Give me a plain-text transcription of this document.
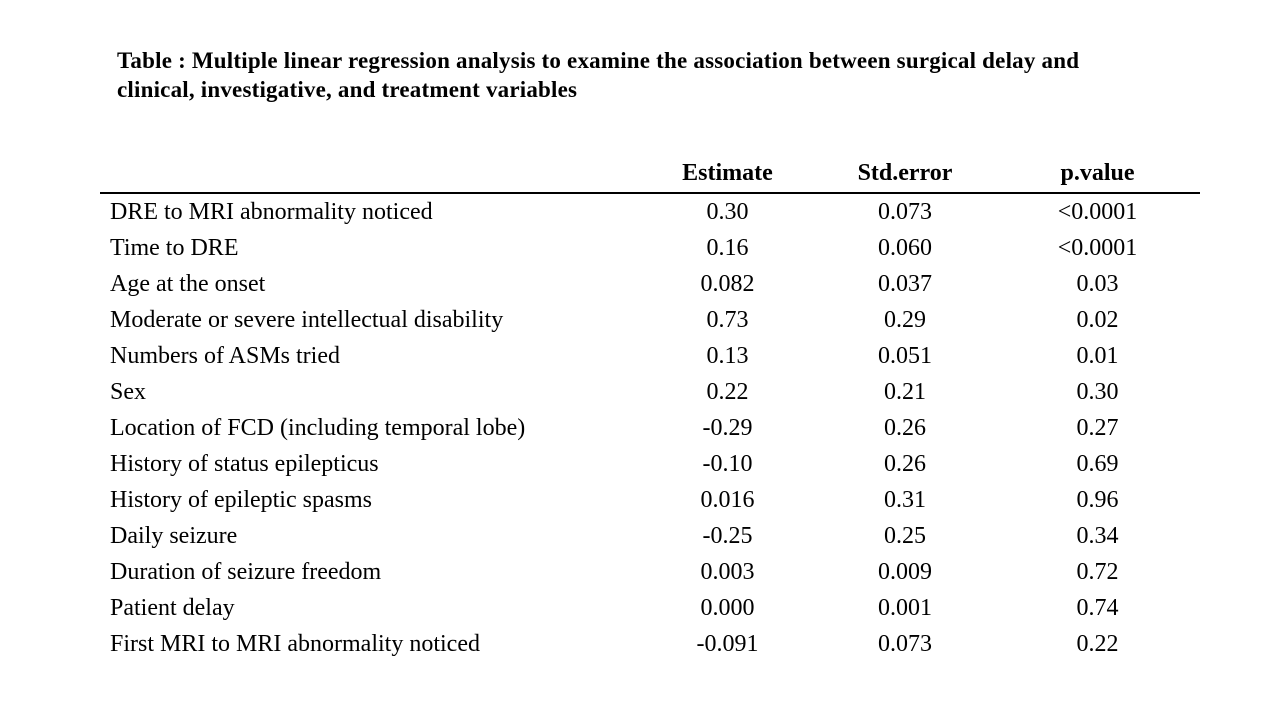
Table : Multiple linear regression analysis to examine the association between surgical delay and
clinical, investigative, and treatment variables
	Estimate	Std.error	p.value
DRE to MRI abnormality noticed	0.30	0.073	<0.0001
Time to DRE	0.16	0.060	<0.0001
Age at the onset	0.082	0.037	0.03
Moderate or severe intellectual disability	0.73	0.29	0.02
Numbers of ASMs tried	0.13	0.051	0.01
Sex	0.22	0.21	0.30
Location of FCD (including temporal lobe)	-0.29	0.26	0.27
History of status epilepticus	-0.10	0.26	0.69
History of epileptic spasms	0.016	0.31	0.96
Daily seizure	-0.25	0.25	0.34
Duration of seizure freedom	0.003	0.009	0.72
Patient delay	0.000	0.001	0.74
First MRI to MRI abnormality noticed	-0.091	0.073	0.22
